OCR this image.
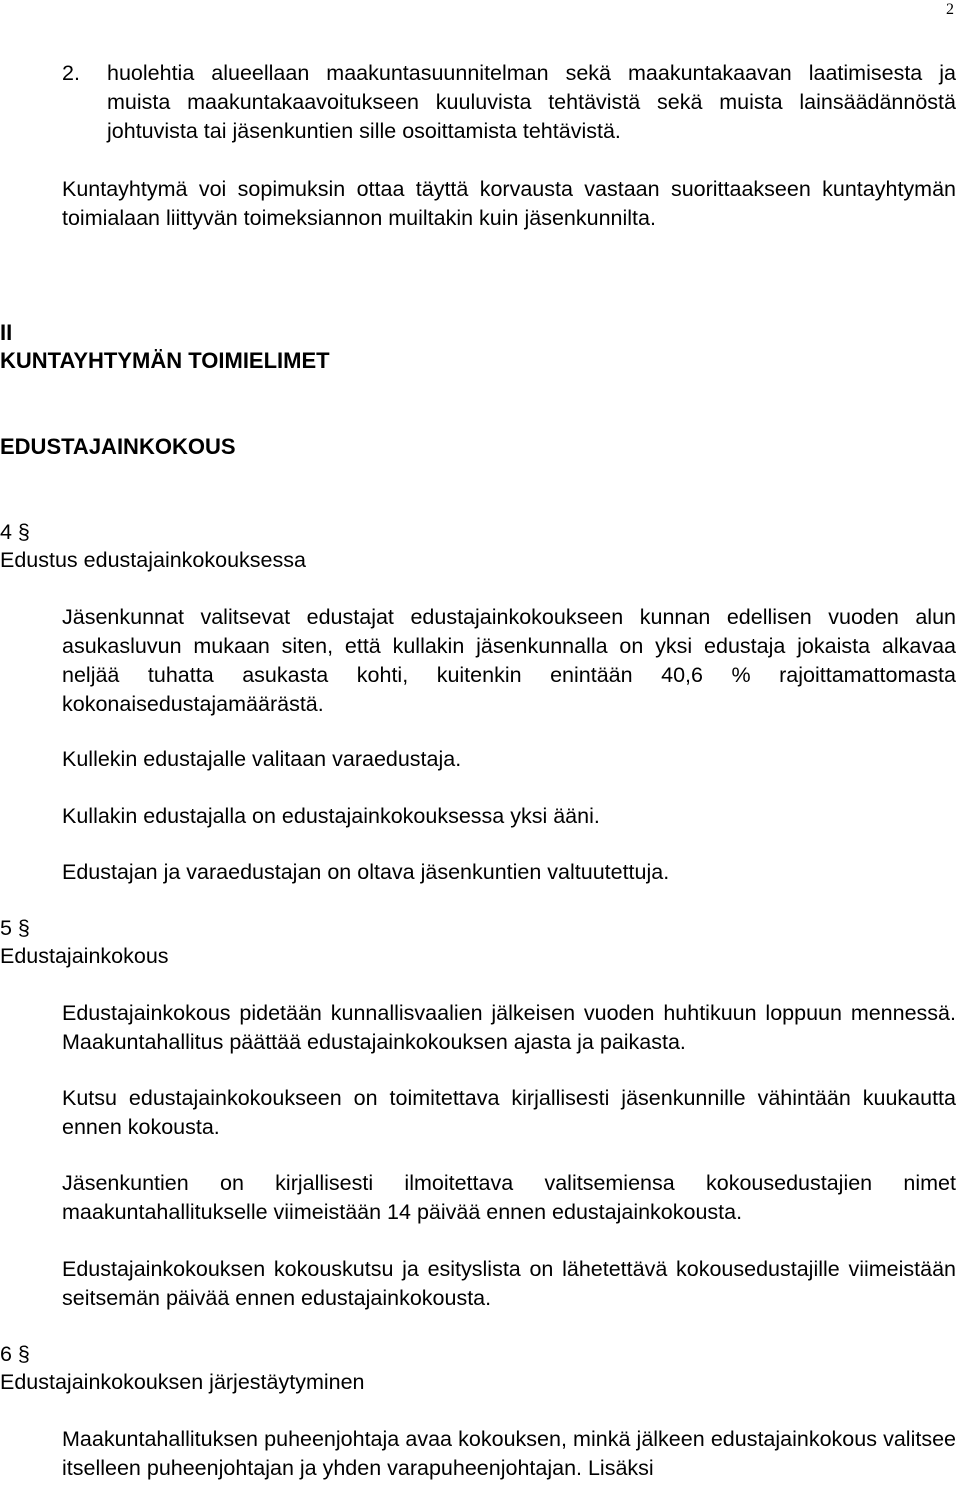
2
2. huolehtia alueellaan maakuntasuunnitelman sekä maakuntakaavan laatimisesta ja muista maakuntakaavoitukseen kuuluvista tehtävistä sekä muista lainsäädännöstä johtuvista tai jäsenkuntien sille osoittamista tehtävistä.
Kuntayhtymä voi sopimuksin ottaa täyttä korvausta vastaan suorittaakseen kuntayhtymän toimialaan liittyvän toimeksiannon muiltakin kuin jäsenkunnilta.
II
KUNTAYHTYMÄN TOIMIELIMET
EDUSTAJAINKOKOUS
4 §
Edustus edustajainkokouksessa
Jäsenkunnat valitsevat edustajat edustajainkokoukseen kunnan edellisen vuoden alun asukasluvun mukaan siten, että kullakin jäsenkunnalla on yksi edustaja jokaista alkavaa neljää tuhatta asukasta kohti, kuitenkin enintään 40,6 % rajoittamattomasta kokonaisedustajamäärästä.
Kullekin edustajalle valitaan varaedustaja.
Kullakin edustajalla on edustajainkokouksessa yksi ääni.
Edustajan ja varaedustajan on oltava jäsenkuntien valtuutettuja.
5 §
Edustajainkokous
Edustajainkokous pidetään kunnallisvaalien jälkeisen vuoden huhtikuun loppuun mennessä. Maakuntahallitus päättää edustajainkokouksen ajasta ja paikasta.
Kutsu edustajainkokoukseen on toimitettava kirjallisesti jäsenkunnille vähintään kuukautta ennen kokousta.
Jäsenkuntien on kirjallisesti ilmoitettava valitsemiensa kokousedustajien nimet maakuntahallitukselle viimeistään 14 päivää ennen edustajainkokousta.
Edustajainkokouksen kokouskutsu ja esityslista on lähetettävä kokousedustajille viimeistään seitsemän päivää ennen edustajainkokousta.
6 §
Edustajainkokouksen järjestäytyminen
Maakuntahallituksen puheenjohtaja avaa kokouksen, minkä jälkeen edustajainkokous valitsee itselleen puheenjohtajan ja yhden varapuheenjohtajan. Lisäksi
